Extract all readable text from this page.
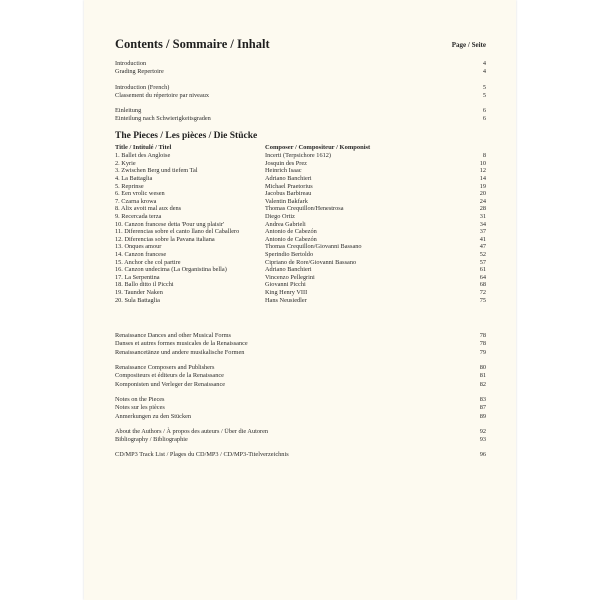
Contents / Sommaire / Inhalt	Page / Seite
Introduction	4
Grading Repertoire	4
Introduction (French)	5
Classement du répertoire par niveaux	5
Einleitung	6
Einteilung nach Schwierigkeitsgraden	6
The Pieces / Les pièces / Die Stücke
Title / Intitulé / Titel	Composer / Compositeur / Komponist
1. Ballet des Angloise	Incerti (Terpsichore 1612)	8
2. Kyrie	Josquin des Prez	10
3. Zwischen Berg und tiefem Tal	Heinrich Isaac	12
4. La Battaglia	Adriano Banchieri	14
5. Reprinse	Michael Praetorius	19
6. Een vrolic wesen	Jacobus Barbireau	20
7. Czarna krowa	Valentin Bakfark	24
8. Alix avoit mal aux dens	Thomas Crequillon/Henestrosa	28
9. Recercada terza	Diego Ortiz	31
10. Canzon francese detta 'Pour ung plaisir'	Andrea Gabrieli	34
11. Diferencias sobre el canto llano del Caballero	Antonio de Cabezón	37
12. Diferencias sobre la Pavana italiana	Antonio de Cabezón	41
13. Onques amour	Thomas Crequillon/Giovanni Bassano	47
14. Canzon francese	Sperindio Bertoldo	52
15. Anchor che col partire	Cipriano de Rore/Giovanni Bassano	57
16. Canzon undecima (La Organistina bella)	Adriano Banchieri	61
17. La Serpentina	Vincenzo Pellegrini	64
18. Ballo ditto il Picchi	Giovanni Picchi	68
19. Taunder Naken	King Henry VIII	72
20. Sula Battaglia	Hans Neusiedler	75
Renaissance Dances and other Musical Forms	78
Danses et autres formes musicales de la Renaissance	78
Renaissancetänze und andere musikalische Formen	79
Renaissance Composers and Publishers	80
Compositeurs et éditeurs de la Renaissance	81
Komponisten und Verleger der Renaissance	82
Notes on the Pieces	83
Notes sur les pièces	87
Anmerkungen zu den Stücken	89
About the Authors / À propos des auteurs / Über die Autoren	92
Bibliography / Bibliographie	93
CD/MP3 Track List / Plages du CD/MP3 / CD/MP3-Titelverzeichnis	96
